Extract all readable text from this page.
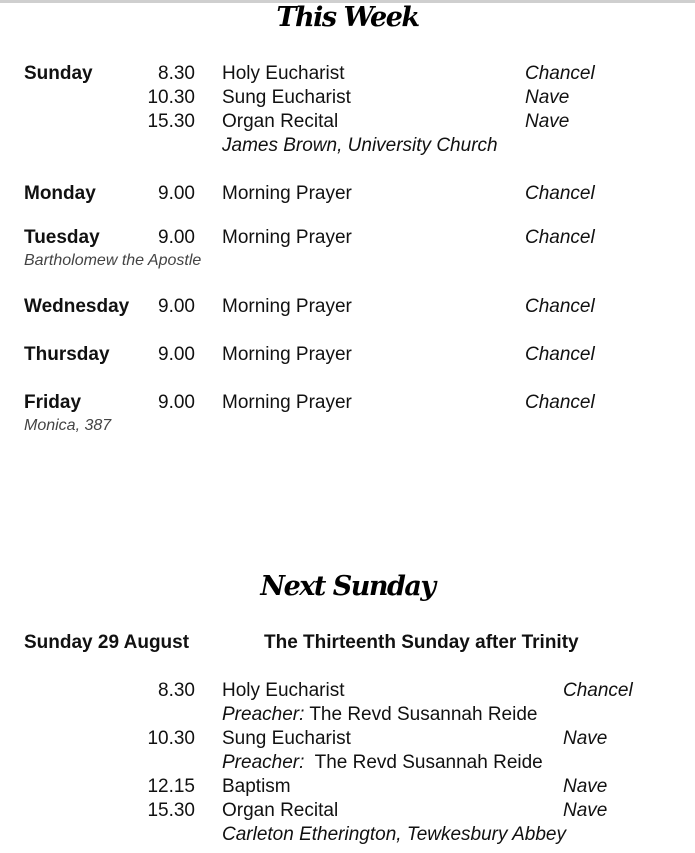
This Week
Sunday	8.30 Holy Eucharist	Chancel
10.30 Sung Eucharist	Nave
15.30 Organ Recital	Nave
James Brown, University Church
Monday	9.00 Morning Prayer	Chancel
Tuesday	9.00 Morning Prayer	Chancel
Bartholomew the Apostle
Wednesday 9.00 Morning Prayer	Chancel
Thursday	9.00 Morning Prayer	Chancel
Friday	9.00 Morning Prayer	Chancel
Monica, 387
Next Sunday
Sunday 29 August	The Thirteenth Sunday after Trinity
8.30 Holy Eucharist	Chancel
Preacher: The Revd Susannah Reide
10.30 Sung Eucharist	Nave
Preacher: The Revd Susannah Reide
12.15 Baptism	Nave
15.30 Organ Recital	Nave
Carleton Etherington, Tewkesbury Abbey
